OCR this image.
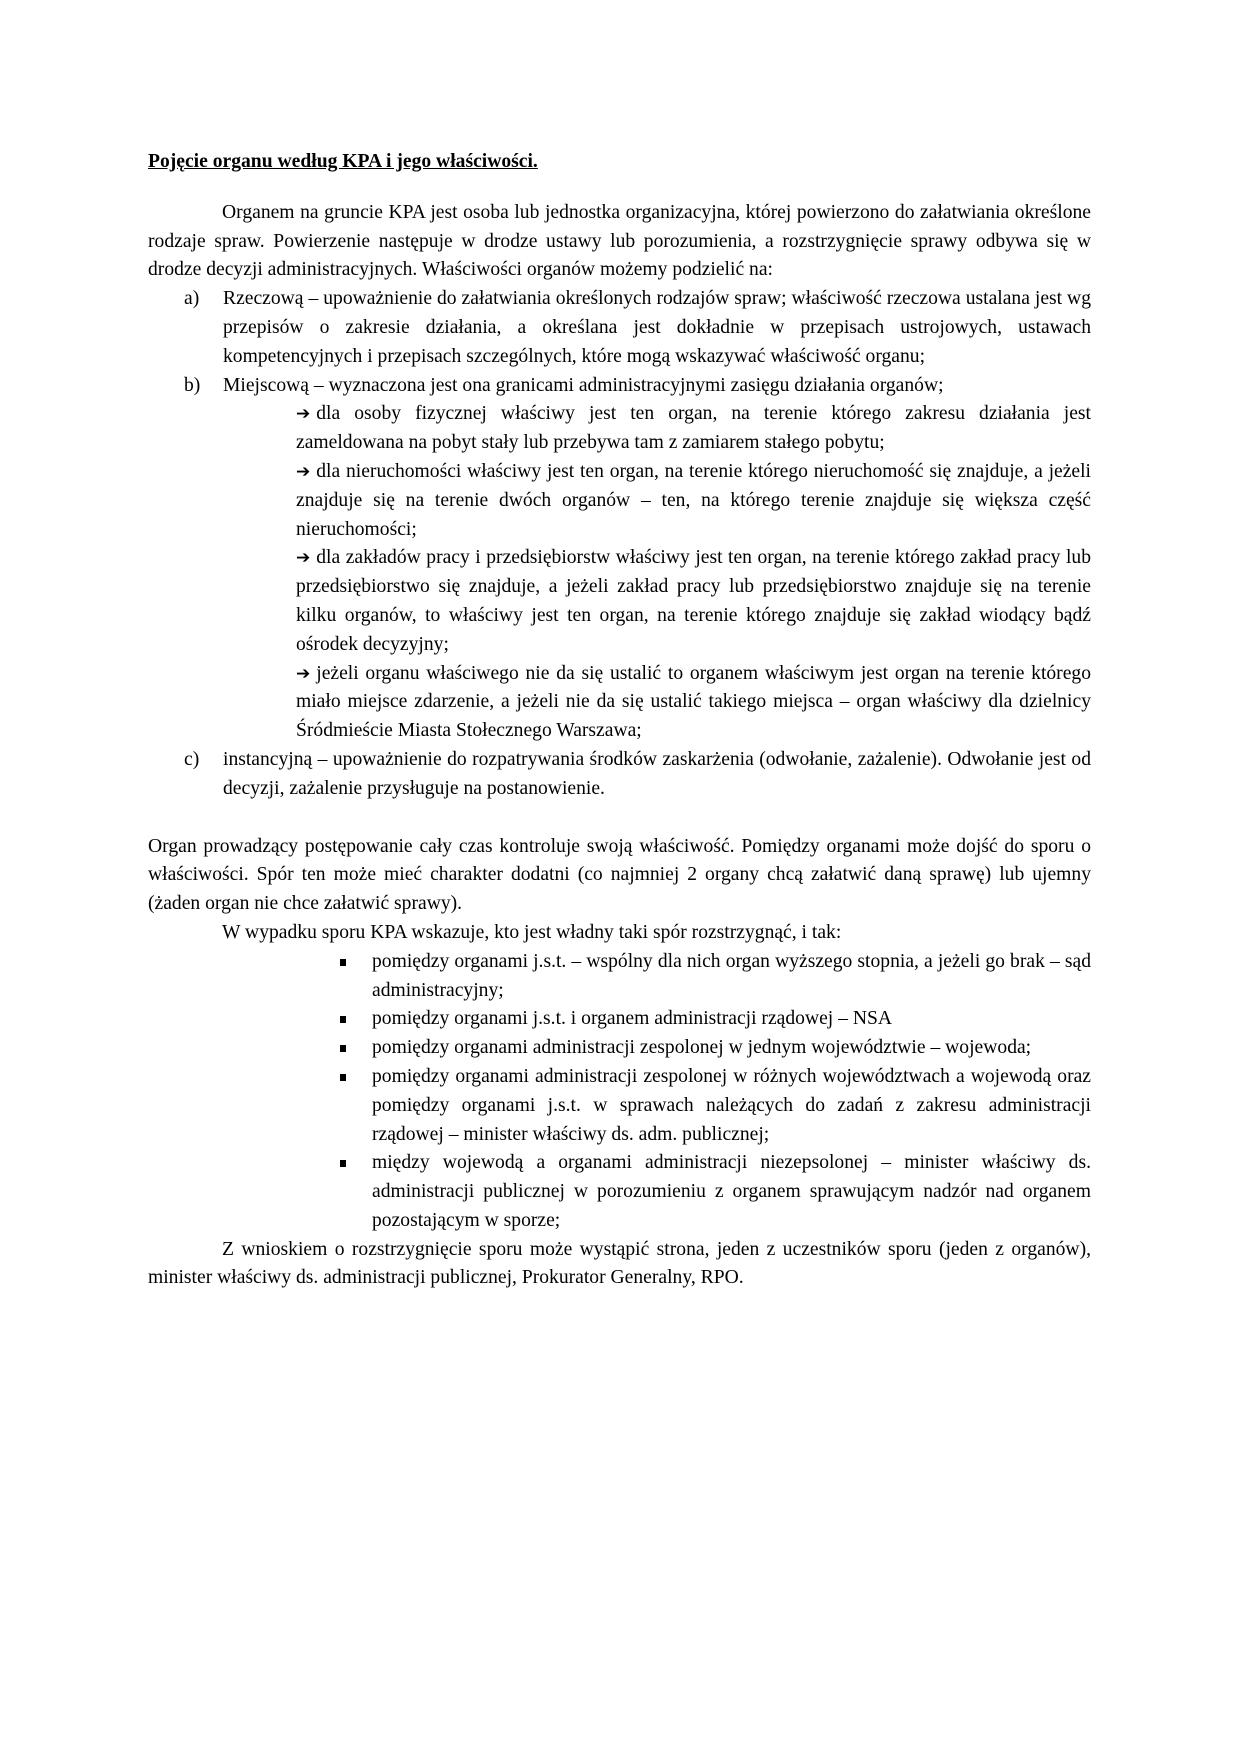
Pojęcie organu według KPA i jego właściwości.

Organem na gruncie KPA jest osoba lub jednostka organizacyjna, której powierzono do załatwiania określone rodzaje spraw. Powierzenie następuje w drodze ustawy lub porozumienia, a rozstrzygnięcie sprawy odbywa się w drodze decyzji administracyjnych. Właściwości organów możemy podzielić na:

a) Rzeczową – upoważnienie do załatwiania określonych rodzajów spraw; właściwość rzeczowa ustalana jest wg przepisów o zakresie działania, a określana jest dokładnie w przepisach ustrojowych, ustawach kompetencyjnych i przepisach szczególnych, które mogą wskazywać właściwość organu;
b) Miejscową – wyznaczona jest ona granicami administracyjnymi zasięgu działania organów;
➔ dla osoby fizycznej właściwy jest ten organ, na terenie którego zakresu działania jest zameldowana na pobyt stały lub przebywa tam z zamiarem stałego pobytu;
➔ dla nieruchomości właściwy jest ten organ, na terenie którego nieruchomość się znajduje, a jeżeli znajduje się na terenie dwóch organów – ten, na którego terenie znajduje się większa część nieruchomości;
➔ dla zakładów pracy i przedsiębiorstw właściwy jest ten organ, na terenie którego zakład pracy lub przedsiębiorstwo się znajduje, a jeżeli zakład pracy lub przedsiębiorstwo znajduje się na terenie kilku organów, to właściwy jest ten organ, na terenie którego znajduje się zakład wiodący bądź ośrodek decyzyjny;
➔ jeżeli organu właściwego nie da się ustalić to organem właściwym jest organ na terenie którego miało miejsce zdarzenie, a jeżeli nie da się ustalić takiego miejsca – organ właściwy dla dzielnicy Śródmieście Miasta Stołecznego Warszawa;
c) instancyjną – upoważnienie do rozpatrywania środków zaskarżenia (odwołanie, zażalenie). Odwołanie jest od decyzji, zażalenie przysługuje na postanowienie.

Organ prowadzący postępowanie cały czas kontroluje swoją właściwość. Pomiędzy organami może dojść do sporu o właściwości. Spór ten może mieć charakter dodatni (co najmniej 2 organy chcą załatwić daną sprawę) lub ujemny (żaden organ nie chce załatwić sprawy).

W wypadku sporu KPA wskazuje, kto jest władny taki spór rozstrzygnąć, i tak:

pomiędzy organami j.s.t. – wspólny dla nich organ wyższego stopnia, a jeżeli go brak – sąd administracyjny;
pomiędzy organami j.s.t. i organem administracji rządowej – NSA
pomiędzy organami administracji zespolonej w jednym województwie – wojewoda;
pomiędzy organami administracji zespolonej w różnych województwach a wojewodą oraz pomiędzy organami j.s.t. w sprawach należących do zadań z zakresu administracji rządowej – minister właściwy ds. adm. publicznej;
między wojewodą a organami administracji niezepsolonej – minister właściwy ds. administracji publicznej w porozumieniu z organem sprawującym nadzór nad organem pozostającym w sporze;

Z wnioskiem o rozstrzygnięcie sporu może wystąpić strona, jeden z uczestników sporu (jeden z organów), minister właściwy ds. administracji publicznej, Prokurator Generalny, RPO.
